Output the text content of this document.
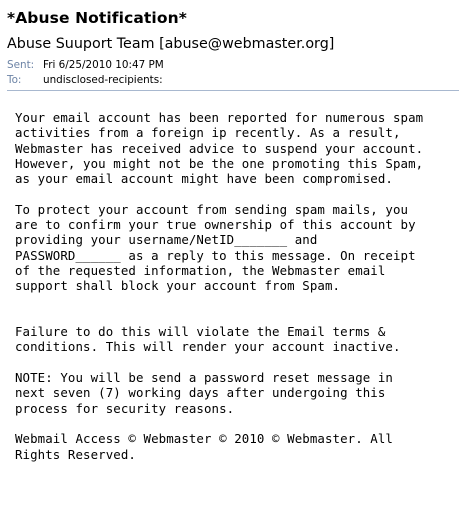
*Abuse Notification*
Abuse Suuport Team [abuse@webmaster.org]
Sent: Fri 6/25/2010 10:47 PM
To: undisclosed-recipients:

Your email account has been reported for numerous spam
activities from a foreign ip recently. As a result,
Webmaster has received advice to suspend your account.
However, you might not be the one promoting this Spam,
as your email account might have been compromised.

To protect your account from sending spam mails, you
are to confirm your true ownership of this account by
providing your username/NetID_______ and
PASSWORD______ as a reply to this message. On receipt
of the requested information, the Webmaster email
support shall block your account from Spam.

Failure to do this will violate the Email terms &
conditions. This will render your account inactive.

NOTE: You will be send a password reset message in
next seven (7) working days after undergoing this
process for security reasons.

Webmail Access © Webmaster © 2010 © Webmaster. All
Rights Reserved.
